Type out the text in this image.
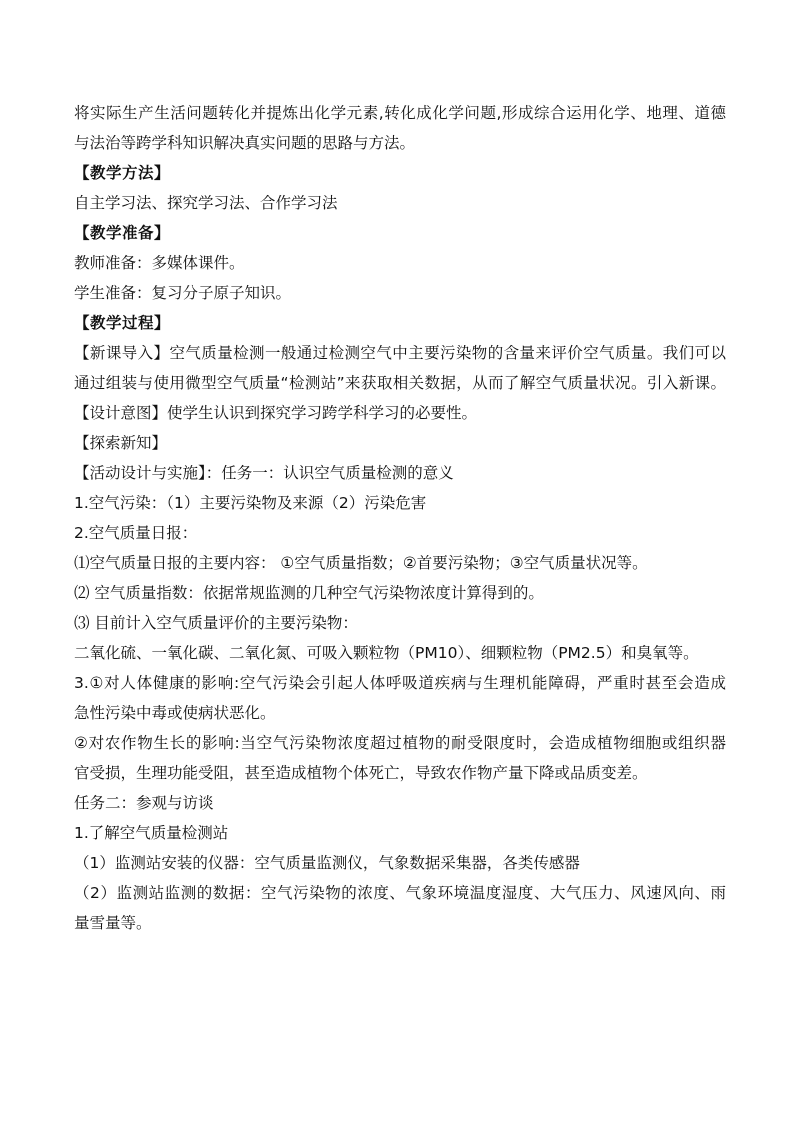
将实际生产生活问题转化并提炼出化学元素,转化成化学问题,形成综合运用化学、地理、道德
与法治等跨学科知识解决真实问题的思路与方法。
【教学方法】
自主学习法、探究学习法、合作学习法
【教学准备】
教师准备：多媒体课件。
学生准备：复习分子原子知识。
【教学过程】
【新课导入】空气质量检测一般通过检测空气中主要污染物的含量来评价空气质量。我们可以
通过组装与使用微型空气质量“检测站”来获取相关数据，从而了解空气质量状况。引入新课。
【设计意图】使学生认识到探究学习跨学科学习的必要性。
【探索新知】
【活动设计与实施】：任务一：认识空气质量检测的意义
1.空气污染：（1）主要污染物及来源（2）污染危害
2.空气质量日报：
⑴空气质量日报的主要内容： ①空气质量指数；②首要污染物；③空气质量状况等。
⑵ 空气质量指数：依据常规监测的几种空气污染物浓度计算得到的。
⑶ 目前计入空气质量评价的主要污染物：
二氧化硫、一氧化碳、二氧化氮、可吸入颗粒物（PM10）、细颗粒物（PM2.5）和臭氧等。
3.①对人体健康的影响:空气污染会引起人体呼吸道疾病与生理机能障碍，严重时甚至会造成
急性污染中毒或使病状恶化。
②对农作物生长的影响:当空气污染物浓度超过植物的耐受限度时，会造成植物细胞或组织器
官受损，生理功能受阻，甚至造成植物个体死亡，导致农作物产量下降或品质变差。
任务二：参观与访谈
1.了解空气质量检测站
（1）监测站安装的仪器：空气质量监测仪，气象数据采集器，各类传感器
（2）监测站监测的数据：空气污染物的浓度、气象环境温度湿度、大气压力、风速风向、雨
量雪量等。
